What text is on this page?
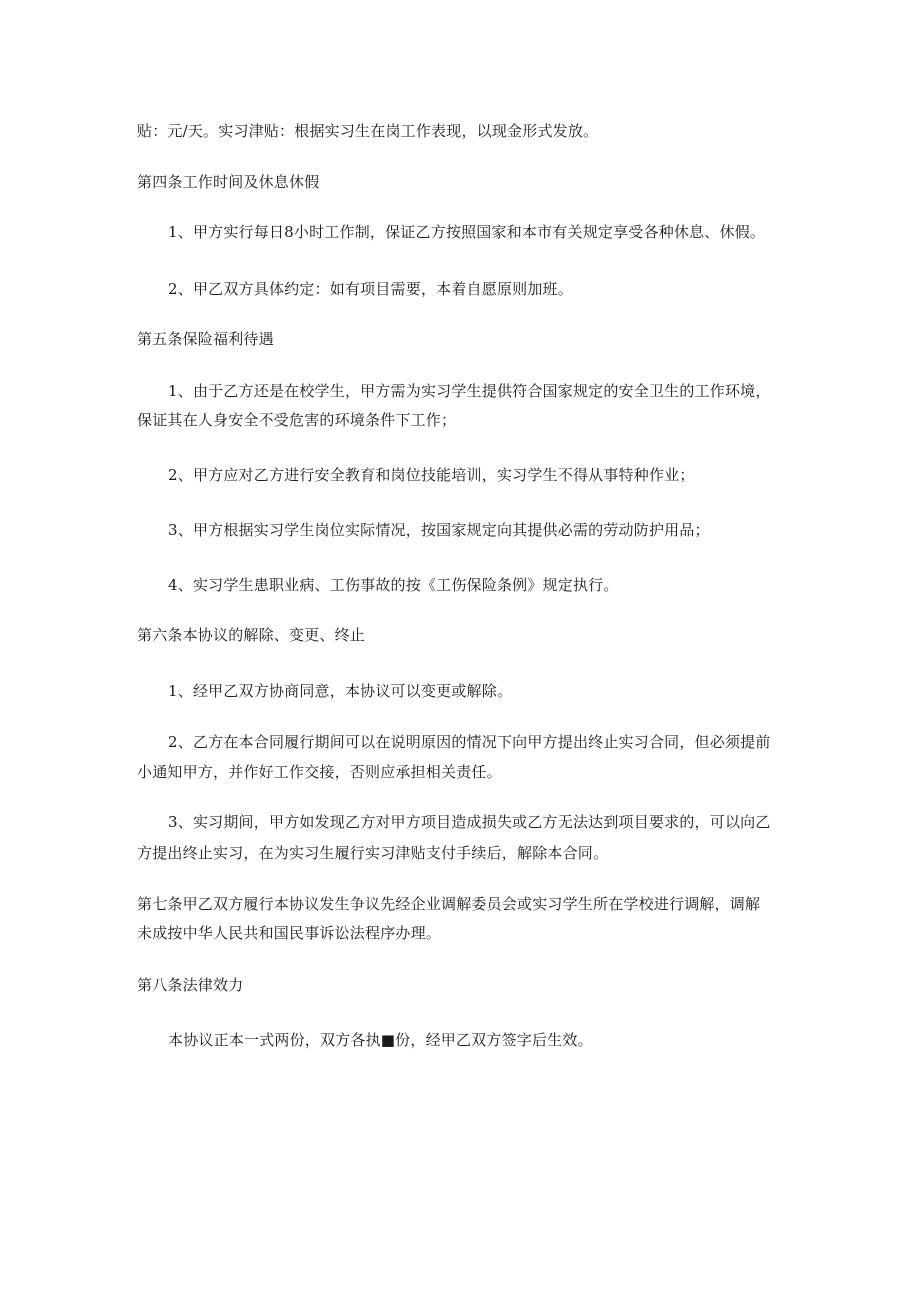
贴：元/天。实习津贴：根据实习生在岗工作表现，以现金形式发放。
第四条工作时间及休息休假
1、甲方实行每日8小时工作制，保证乙方按照国家和本市有关规定享受各种休息、休假。
2、甲乙双方具体约定：如有项目需要，本着自愿原则加班。
第五条保险福利待遇
1、由于乙方还是在校学生，甲方需为实习学生提供符合国家规定的安全卫生的工作环境，
保证其在人身安全不受危害的环境条件下工作；
2、甲方应对乙方进行安全教育和岗位技能培训，实习学生不得从事特种作业；
3、甲方根据实习学生岗位实际情况，按国家规定向其提供必需的劳动防护用品；
4、实习学生患职业病、工伤事故的按《工伤保险条例》规定执行。
第六条本协议的解除、变更、终止
1、经甲乙双方协商同意，本协议可以变更或解除。
2、乙方在本合同履行期间可以在说明原因的情况下向甲方提出终止实习合同，但必须提前
小通知甲方，并作好工作交接，否则应承担相关责任。
3、实习期间，甲方如发现乙方对甲方项目造成损失或乙方无法达到项目要求的，可以向乙
方提出终止实习，在为实习生履行实习津贴支付手续后，解除本合同。
第七条甲乙双方履行本协议发生争议先经企业调解委员会或实习学生所在学校进行调解，调解
未成按中华人民共和国民事诉讼法程序办理。
第八条法律效力
本协议正本一式两份，双方各执■份，经甲乙双方签字后生效。
